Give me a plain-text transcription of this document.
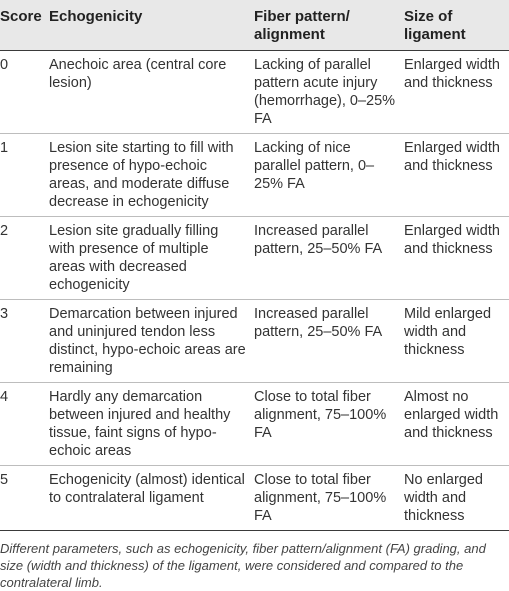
Score	Echogenicity	Fiber pattern/ alignment	Size of ligament
0	Anechoic area (central core lesion)	Lacking of parallel pattern acute injury (hemorrhage), 0–25% FA	Enlarged width and thickness
1	Lesion site starting to fill with presence of hypo-echoic areas, and moderate diffuse decrease in echogenicity	Lacking of nice parallel pattern, 0–25% FA	Enlarged width and thickness
2	Lesion site gradually filling with presence of multiple areas with decreased echogenicity	Increased parallel pattern, 25–50% FA	Enlarged width and thickness
3	Demarcation between injured and uninjured tendon less distinct, hypo-echoic areas are remaining	Increased parallel pattern, 25–50% FA	Mild enlarged width and thickness
4	Hardly any demarcation between injured and healthy tissue, faint signs of hypo-echoic areas	Close to total fiber alignment, 75–100% FA	Almost no enlarged width and thickness
5	Echogenicity (almost) identical to contralateral ligament	Close to total fiber alignment, 75–100% FA	No enlarged width and thickness

Different parameters, such as echogenicity, fiber pattern/alignment (FA) grading, and size (width and thickness) of the ligament, were considered and compared to the contralateral limb.
